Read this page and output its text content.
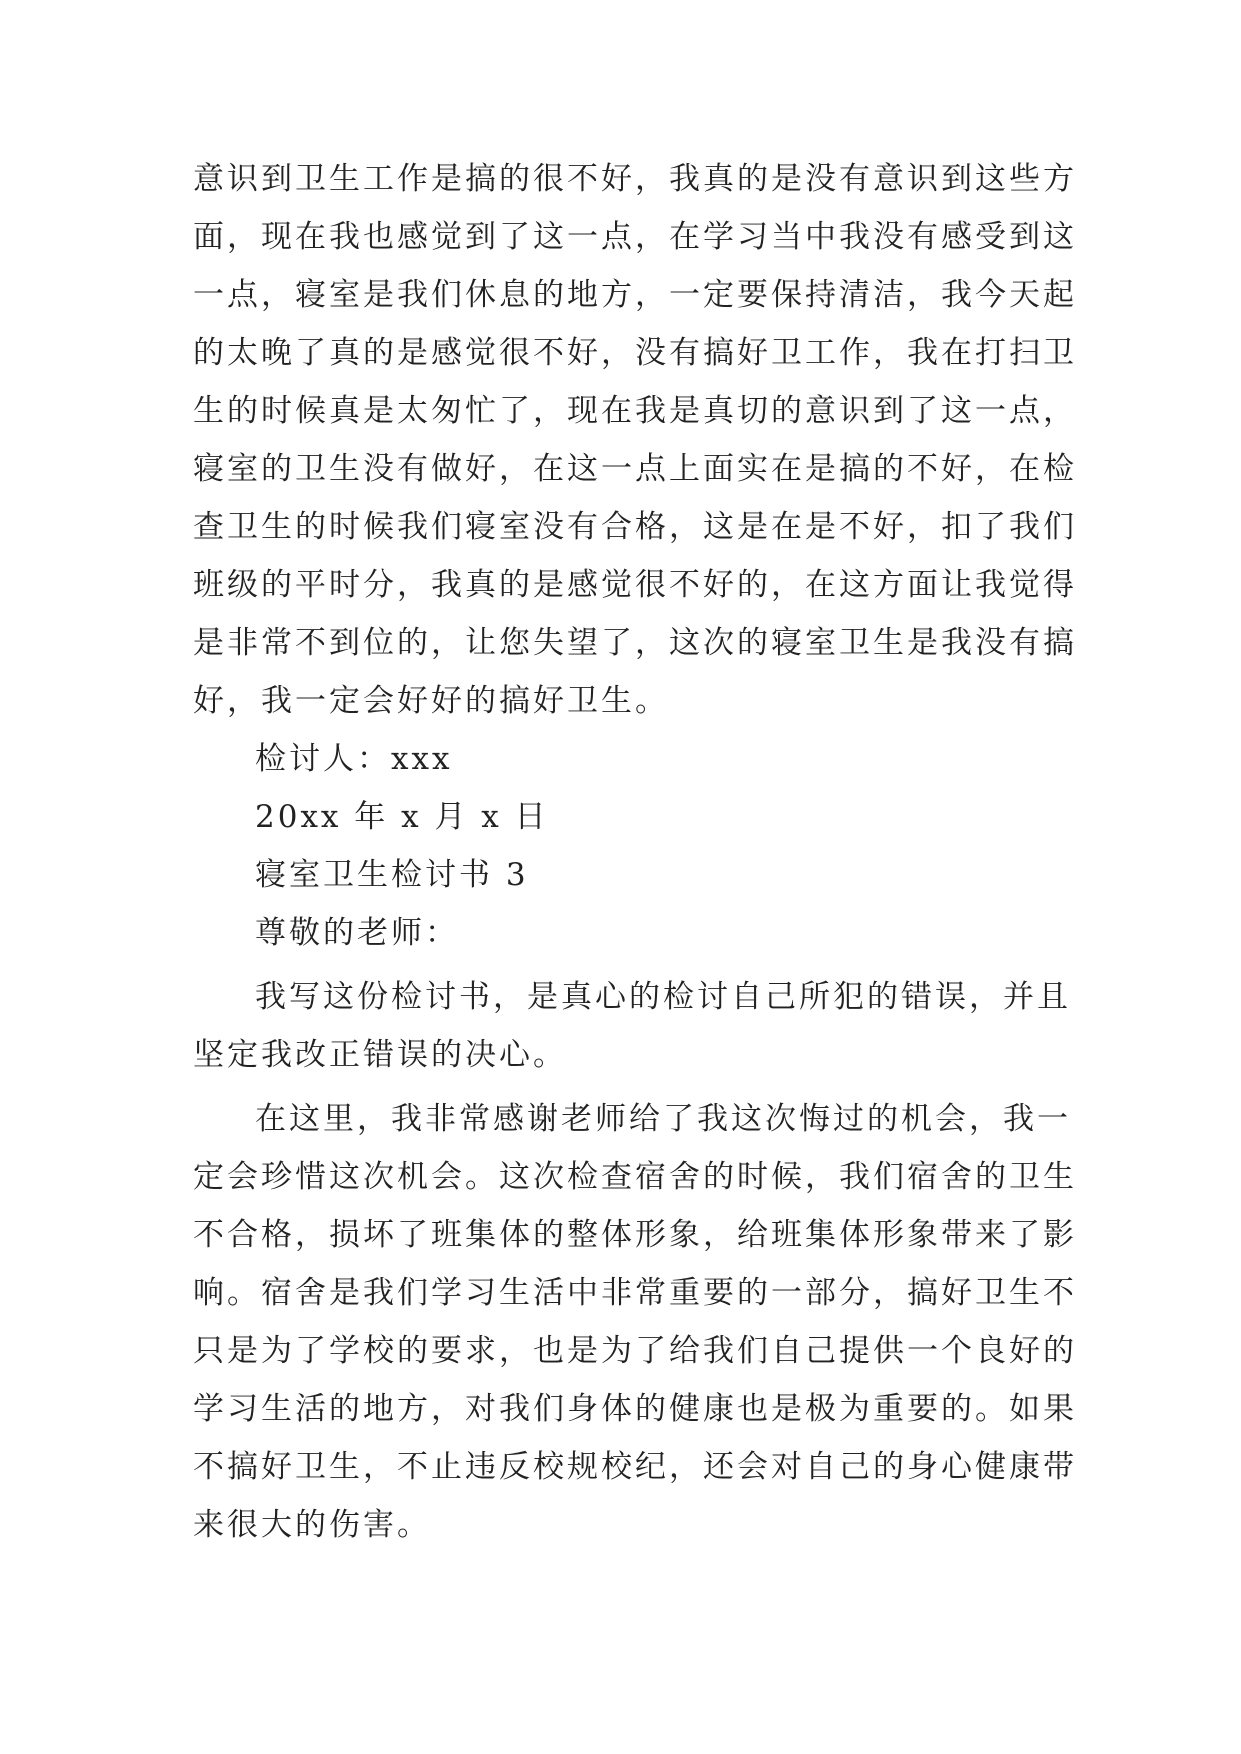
意识到卫生工作是搞的很不好，我真的是没有意识到这些方
面，现在我也感觉到了这一点，在学习当中我没有感受到这
一点，寝室是我们休息的地方，一定要保持清洁，我今天起
的太晚了真的是感觉很不好，没有搞好卫工作，我在打扫卫
生的时候真是太匆忙了，现在我是真切的意识到了这一点，
寝室的卫生没有做好，在这一点上面实在是搞的不好，在检
查卫生的时候我们寝室没有合格，这是在是不好，扣了我们
班级的平时分，我真的是感觉很不好的，在这方面让我觉得
是非常不到位的，让您失望了，这次的寝室卫生是我没有搞
好，我一定会好好的搞好卫生。
检讨人：xxx
20xx 年 x 月 x 日
寝室卫生检讨书 3
尊敬的老师：
我写这份检讨书，是真心的检讨自己所犯的错误，并且
坚定我改正错误的决心。
在这里，我非常感谢老师给了我这次悔过的机会，我一
定会珍惜这次机会。这次检查宿舍的时候，我们宿舍的卫生
不合格，损坏了班集体的整体形象，给班集体形象带来了影
响。宿舍是我们学习生活中非常重要的一部分，搞好卫生不
只是为了学校的要求，也是为了给我们自己提供一个良好的
学习生活的地方，对我们身体的健康也是极为重要的。如果
不搞好卫生，不止违反校规校纪，还会对自己的身心健康带
来很大的伤害。
